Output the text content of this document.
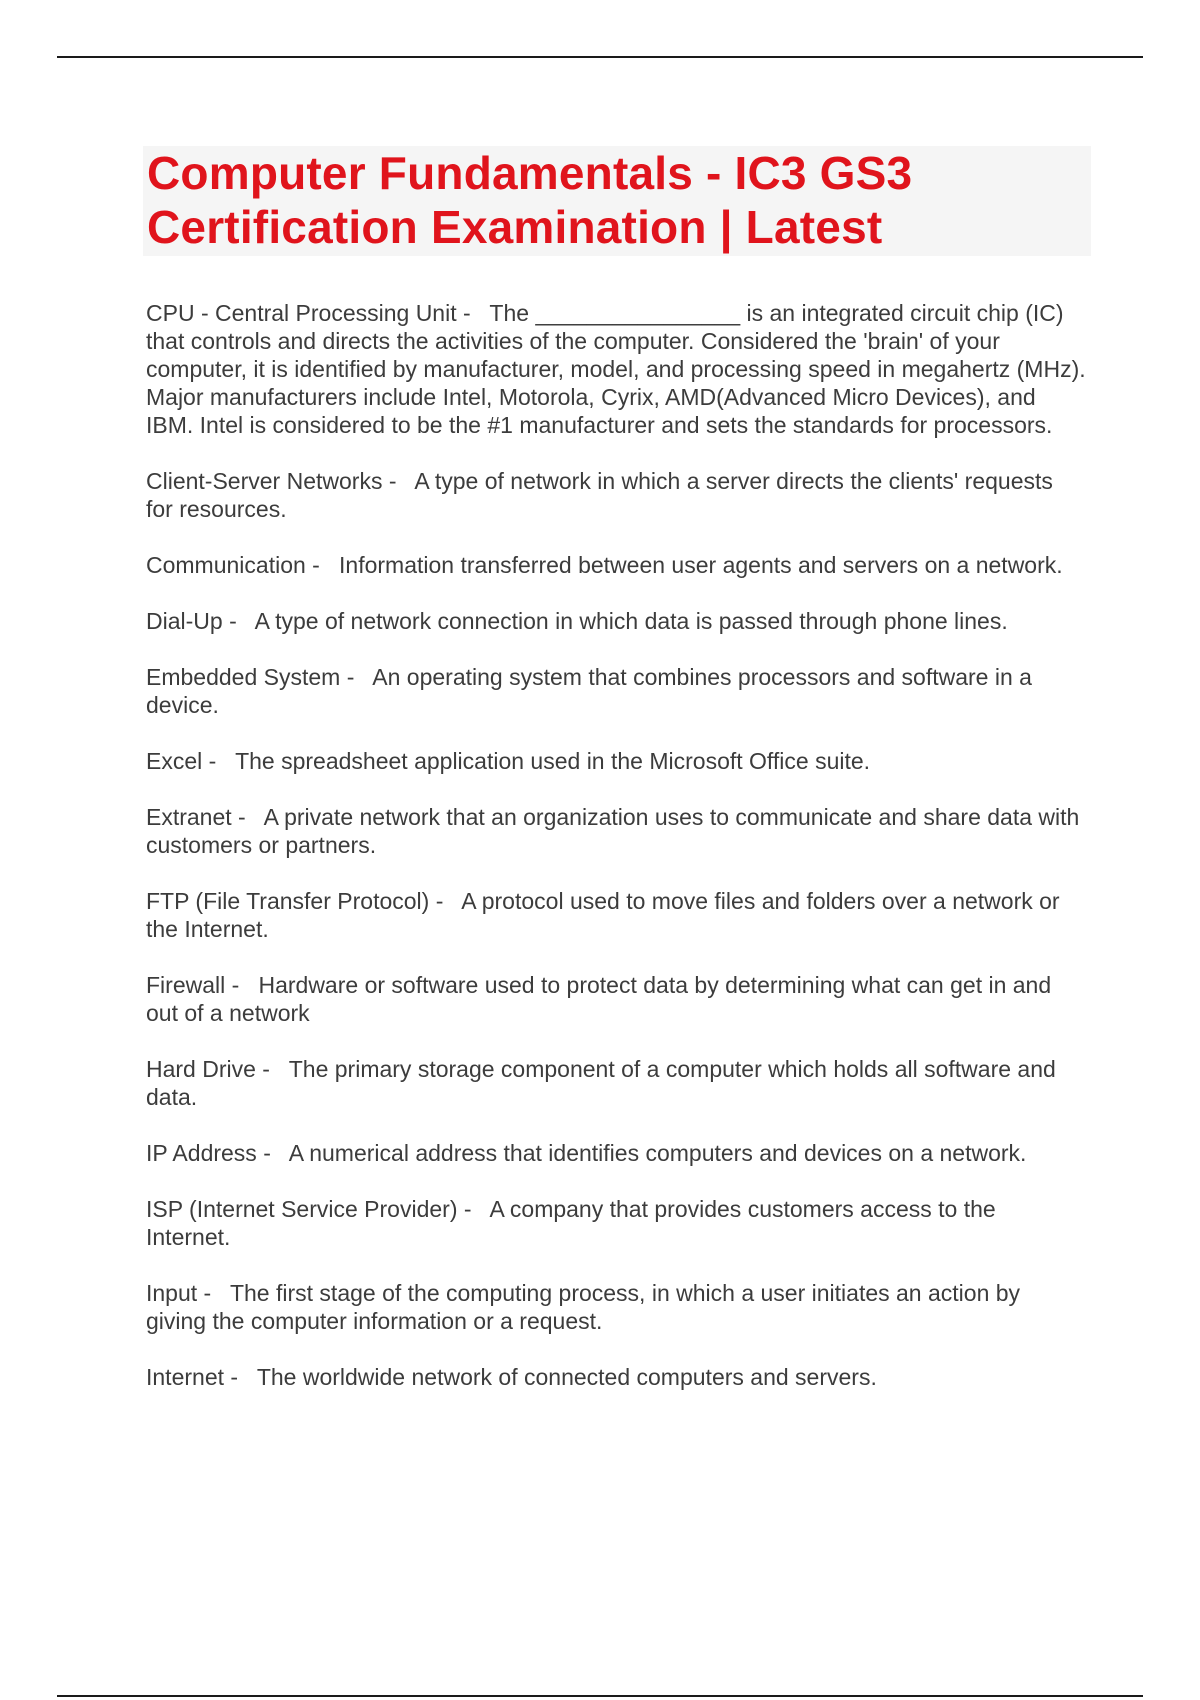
Computer Fundamentals - IC3 GS3
Certification Examination | Latest
CPU - Central Processing Unit -   The ________________ is an integrated circuit chip (IC) that controls and directs the activities of the computer. Considered the 'brain' of your computer, it is identified by manufacturer, model, and processing speed in megahertz (MHz). Major manufacturers include Intel, Motorola, Cyrix, AMD(Advanced Micro Devices), and IBM. Intel is considered to be the #1 manufacturer and sets the standards for processors.
Client-Server Networks -   A type of network in which a server directs the clients' requests for resources.
Communication -   Information transferred between user agents and servers on a network.
Dial-Up -   A type of network connection in which data is passed through phone lines.
Embedded System -   An operating system that combines processors and software in a device.
Excel -   The spreadsheet application used in the Microsoft Office suite.
Extranet -   A private network that an organization uses to communicate and share data with customers or partners.
FTP (File Transfer Protocol) -   A protocol used to move files and folders over a network or the Internet.
Firewall -   Hardware or software used to protect data by determining what can get in and out of a network
Hard Drive -   The primary storage component of a computer which holds all software and data.
IP Address -   A numerical address that identifies computers and devices on a network.
ISP (Internet Service Provider) -   A company that provides customers access to the Internet.
Input -   The first stage of the computing process, in which a user initiates an action by giving the computer information or a request.
Internet -   The worldwide network of connected computers and servers.
